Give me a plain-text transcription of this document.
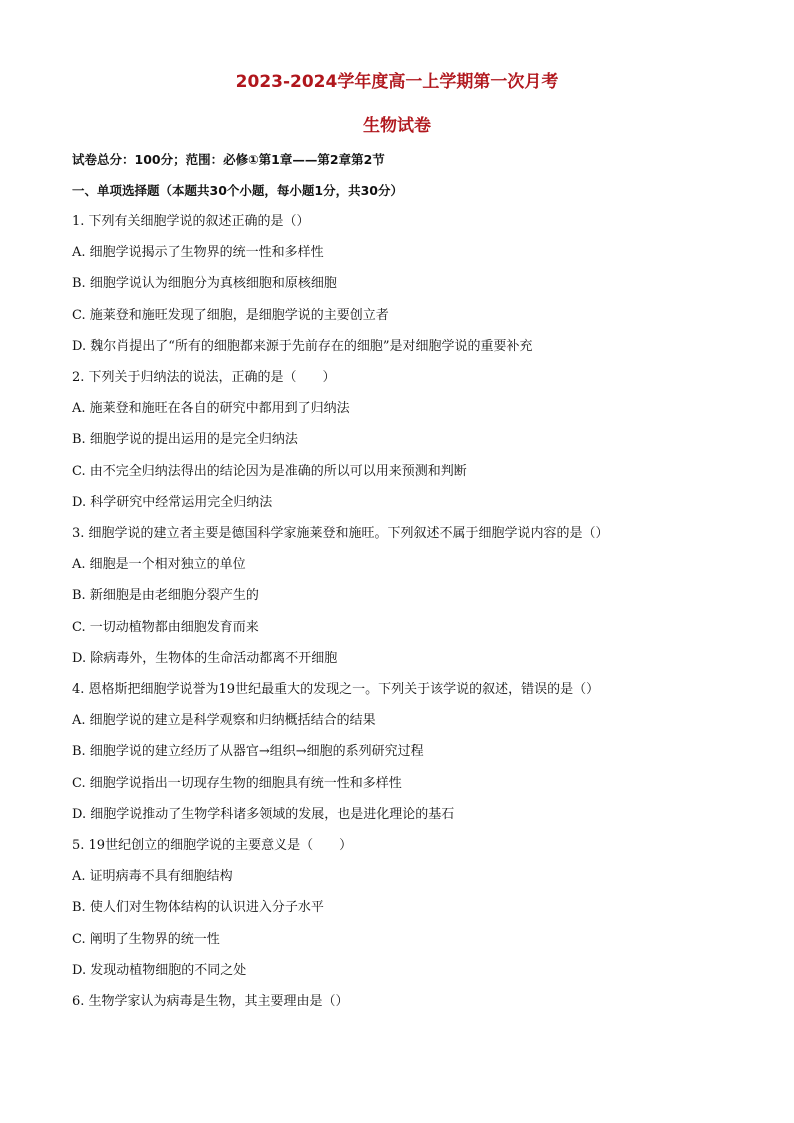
2023-2024学年度高一上学期第一次月考
生物试卷
试卷总分：100分；范围：必修①第1章——第2章第2节
一、单项选择题（本题共30个小题，每小题1分，共30分）
1. 下列有关细胞学说的叙述正确的是（）
A. 细胞学说揭示了生物界的统一性和多样性
B. 细胞学说认为细胞分为真核细胞和原核细胞
C. 施莱登和施旺发现了细胞，是细胞学说的主要创立者
D. 魏尔肖提出了“所有的细胞都来源于先前存在的细胞”是对细胞学说的重要补充
2. 下列关于归纳法的说法，正确的是（　　）
A. 施莱登和施旺在各自的研究中都用到了归纳法
B. 细胞学说的提出运用的是完全归纳法
C. 由不完全归纳法得出的结论因为是准确的所以可以用来预测和判断
D. 科学研究中经常运用完全归纳法
3. 细胞学说的建立者主要是德国科学家施莱登和施旺。下列叙述不属于细胞学说内容的是（）
A. 细胞是一个相对独立的单位
B. 新细胞是由老细胞分裂产生的
C. 一切动植物都由细胞发育而来
D. 除病毒外，生物体的生命活动都离不开细胞
4. 恩格斯把细胞学说誉为19世纪最重大的发现之一。下列关于该学说的叙述，错误的是（）
A. 细胞学说的建立是科学观察和归纳概括结合的结果
B. 细胞学说的建立经历了从器官→组织→细胞的系列研究过程
C. 细胞学说指出一切现存生物的细胞具有统一性和多样性
D. 细胞学说推动了生物学科诸多领域的发展，也是进化理论的基石
5. 19世纪创立的细胞学说的主要意义是（　　）
A. 证明病毒不具有细胞结构
B. 使人们对生物体结构的认识进入分子水平
C. 阐明了生物界的统一性
D. 发现动植物细胞的不同之处
6. 生物学家认为病毒是生物，其主要理由是（）
